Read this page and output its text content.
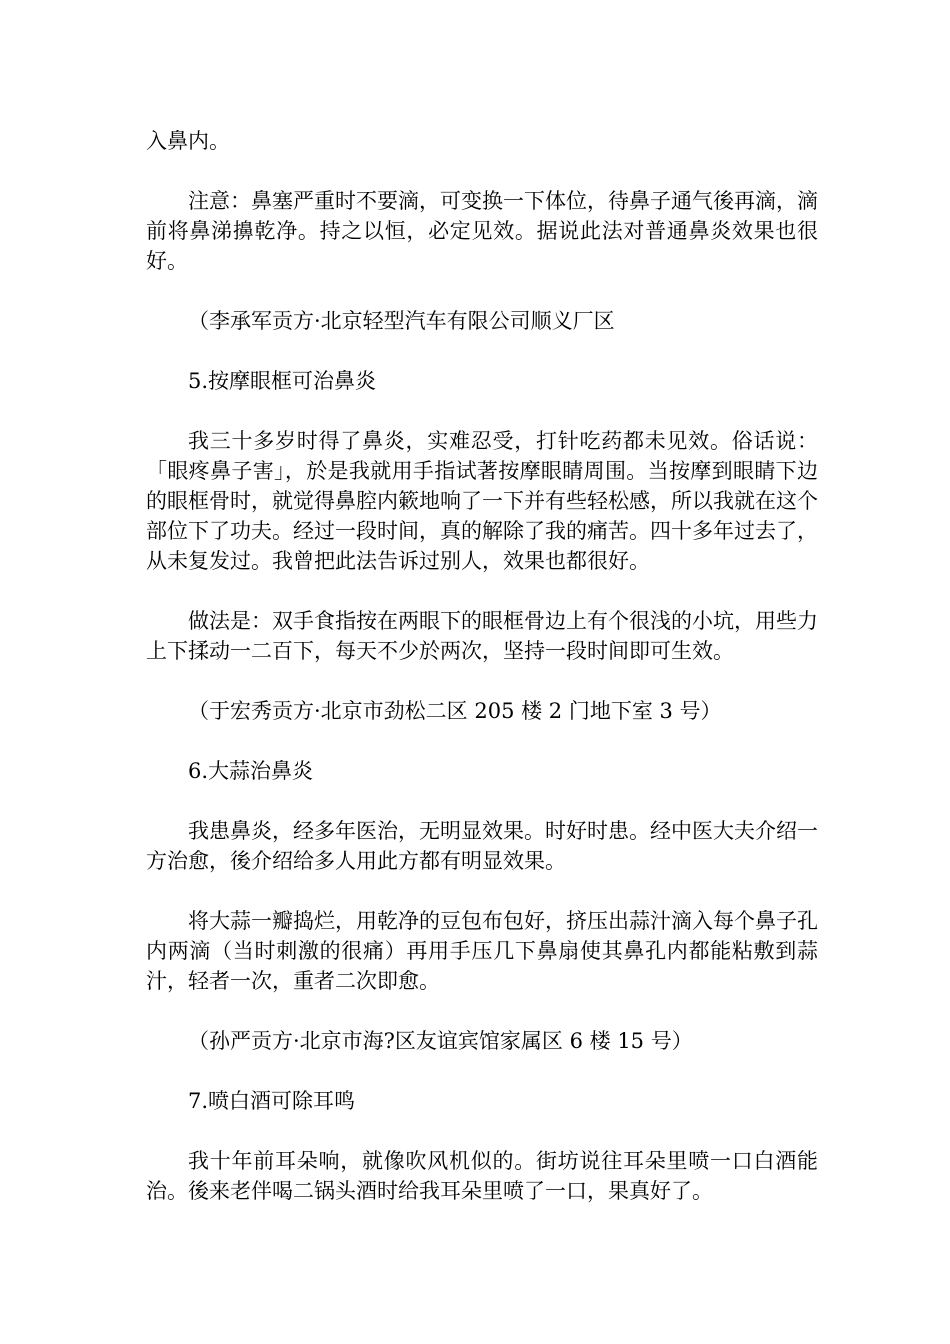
入鼻内。

注意：鼻塞严重时不要滴，可变换一下体位，待鼻子通气後再滴，滴前将鼻涕擤乾净。持之以恒，必定见效。据说此法对普通鼻炎效果也很好。

（李承军贡方·北京轻型汽车有限公司顺义厂区

5.按摩眼框可治鼻炎

我三十多岁时得了鼻炎，实难忍受，打针吃药都未见效。俗话说：「眼疼鼻子害」，於是我就用手指试著按摩眼睛周围。当按摩到眼睛下边的眼框骨时，就觉得鼻腔内簌地响了一下并有些轻松感，所以我就在这个部位下了功夫。经过一段时间，真的解除了我的痛苦。四十多年过去了，从未复发过。我曾把此法告诉过别人，效果也都很好。

做法是：双手食指按在两眼下的眼框骨边上有个很浅的小坑，用些力上下揉动一二百下，每天不少於两次，坚持一段时间即可生效。

（于宏秀贡方·北京市劲松二区 205 楼 2 门地下室 3 号）

6.大蒜治鼻炎

我患鼻炎，经多年医治，无明显效果。时好时患。经中医大夫介绍一方治愈，後介绍给多人用此方都有明显效果。

将大蒜一瓣捣烂，用乾净的豆包布包好，挤压出蒜汁滴入每个鼻子孔内两滴（当时刺激的很痛）再用手压几下鼻扇使其鼻孔内都能粘敷到蒜汁，轻者一次，重者二次即愈。

（孙严贡方·北京市海?区友谊宾馆家属区 6 楼 15 号）

7.喷白酒可除耳鸣

我十年前耳朵响，就像吹风机似的。街坊说往耳朵里喷一口白酒能治。後来老伴喝二锅头酒时给我耳朵里喷了一口，果真好了。
